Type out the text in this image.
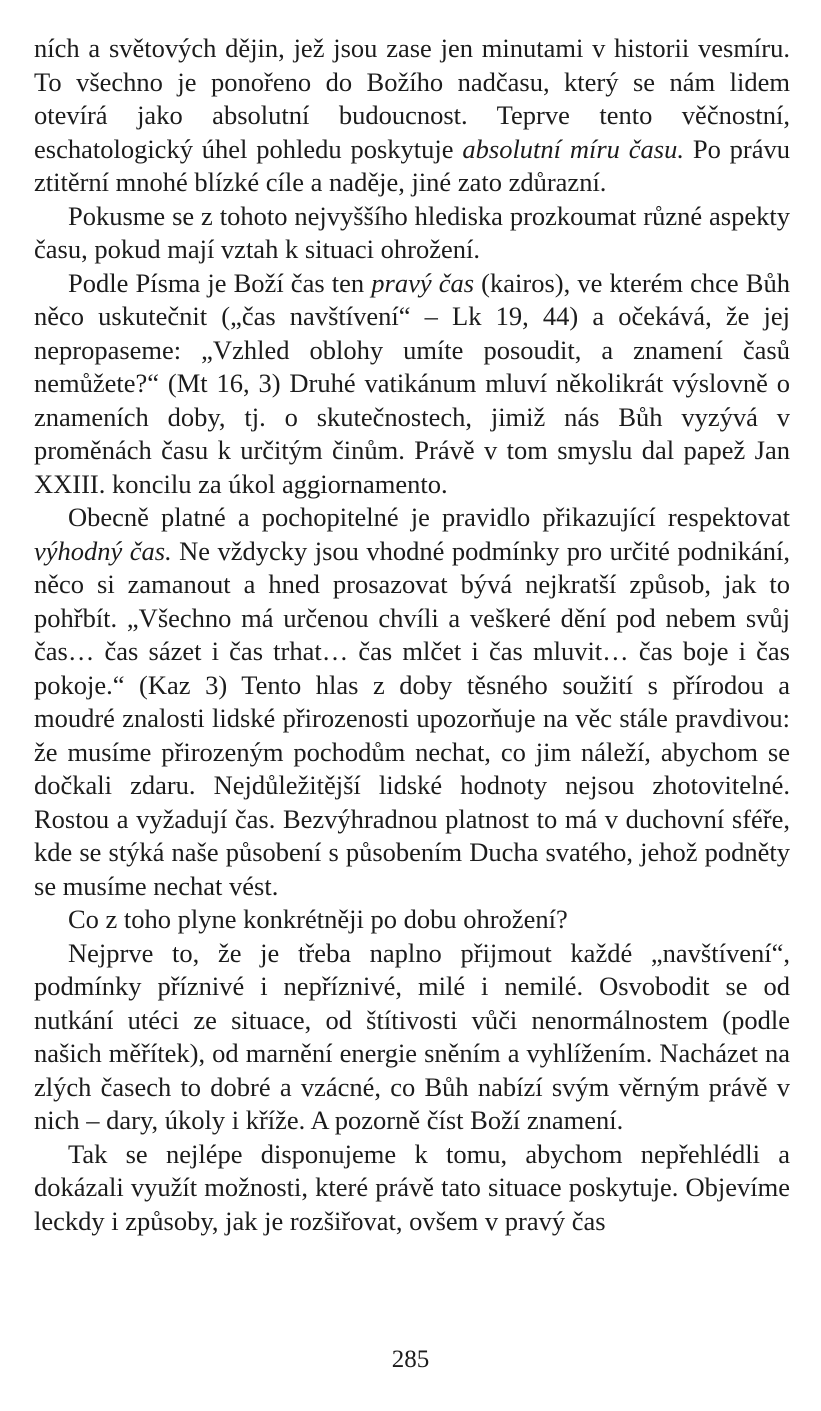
ních a světových dějin, jež jsou zase jen minutami v historii vesmíru. To všechno je ponořeno do Božího nadčasu, který se nám lidem otevírá jako absolutní budoucnost. Teprve tento věčnostní, eschatologický úhel pohledu poskytuje absolutní míru času. Po právu ztitěrní mnohé blízké cíle a naděje, jiné zato zdůrazní.

Pokusme se z tohoto nejvyššího hlediska prozkoumat různé aspekty času, pokud mají vztah k situaci ohrožení.

Podle Písma je Boží čas ten pravý čas (kairos), ve kterém chce Bůh něco uskutečnit („čas navštívení“ – Lk 19, 44) a očekává, že jej nepropaseme: „Vzhled oblohy umíte posoudit, a znamení časů nemůžete?“ (Mt 16, 3) Druhé vatikánum mluví několikrát výslovně o znameních doby, tj. o skutečnostech, jimiž nás Bůh vyzývá v proměnách času k určitým činům. Právě v tom smyslu dal papež Jan XXIII. koncilu za úkol aggiornamento.

Obecně platné a pochopitelné je pravidlo přikazující respektovat výhodný čas. Ne vždycky jsou vhodné podmínky pro určité podnikání, něco si zamanout a hned prosazovat bývá nejkratší způsob, jak to pohřbít. „Všechno má určenou chvíli a veškeré dění pod nebem svůj čas… čas sázet i čas trhat… čas mlčet i čas mluvit… čas boje i čas pokoje.“ (Kaz 3) Tento hlas z doby těsného soužití s přírodou a moudré znalosti lidské přirozenosti upozorňuje na věc stále pravdivou: že musíme přirozeným pochodům nechat, co jim náleží, abychom se dočkali zdaru. Nejdůležitější lidské hodnoty nejsou zhotovitelné. Rostou a vyžadují čas. Bezvýhradnou platnost to má v duchovní sféře, kde se stýká naše působení s působením Ducha svatého, jehož podněty se musíme nechat vést.

Co z toho plyne konkrétněji po dobu ohrožení?

Nejprve to, že je třeba naplno přijmout každé „navštívení“, podmínky příznivé i nepříznivé, milé i nemilé. Osvobodit se od nutkání utéci ze situace, od štítivosti vůči nenormálnostem (podle našich měřítek), od marnění energie sněním a vyhlížením. Nacházet na zlých časech to dobré a vzácné, co Bůh nabízí svým věrným právě v nich – dary, úkoly i kříže. A pozorně číst Boží znamení.

Tak se nejlépe disponujeme k tomu, abychom nepřehlédli a dokázali využít možnosti, které právě tato situace poskytuje. Objevíme leckdy i způsoby, jak je rozšiřovat, ovšem v pravý čas

285
